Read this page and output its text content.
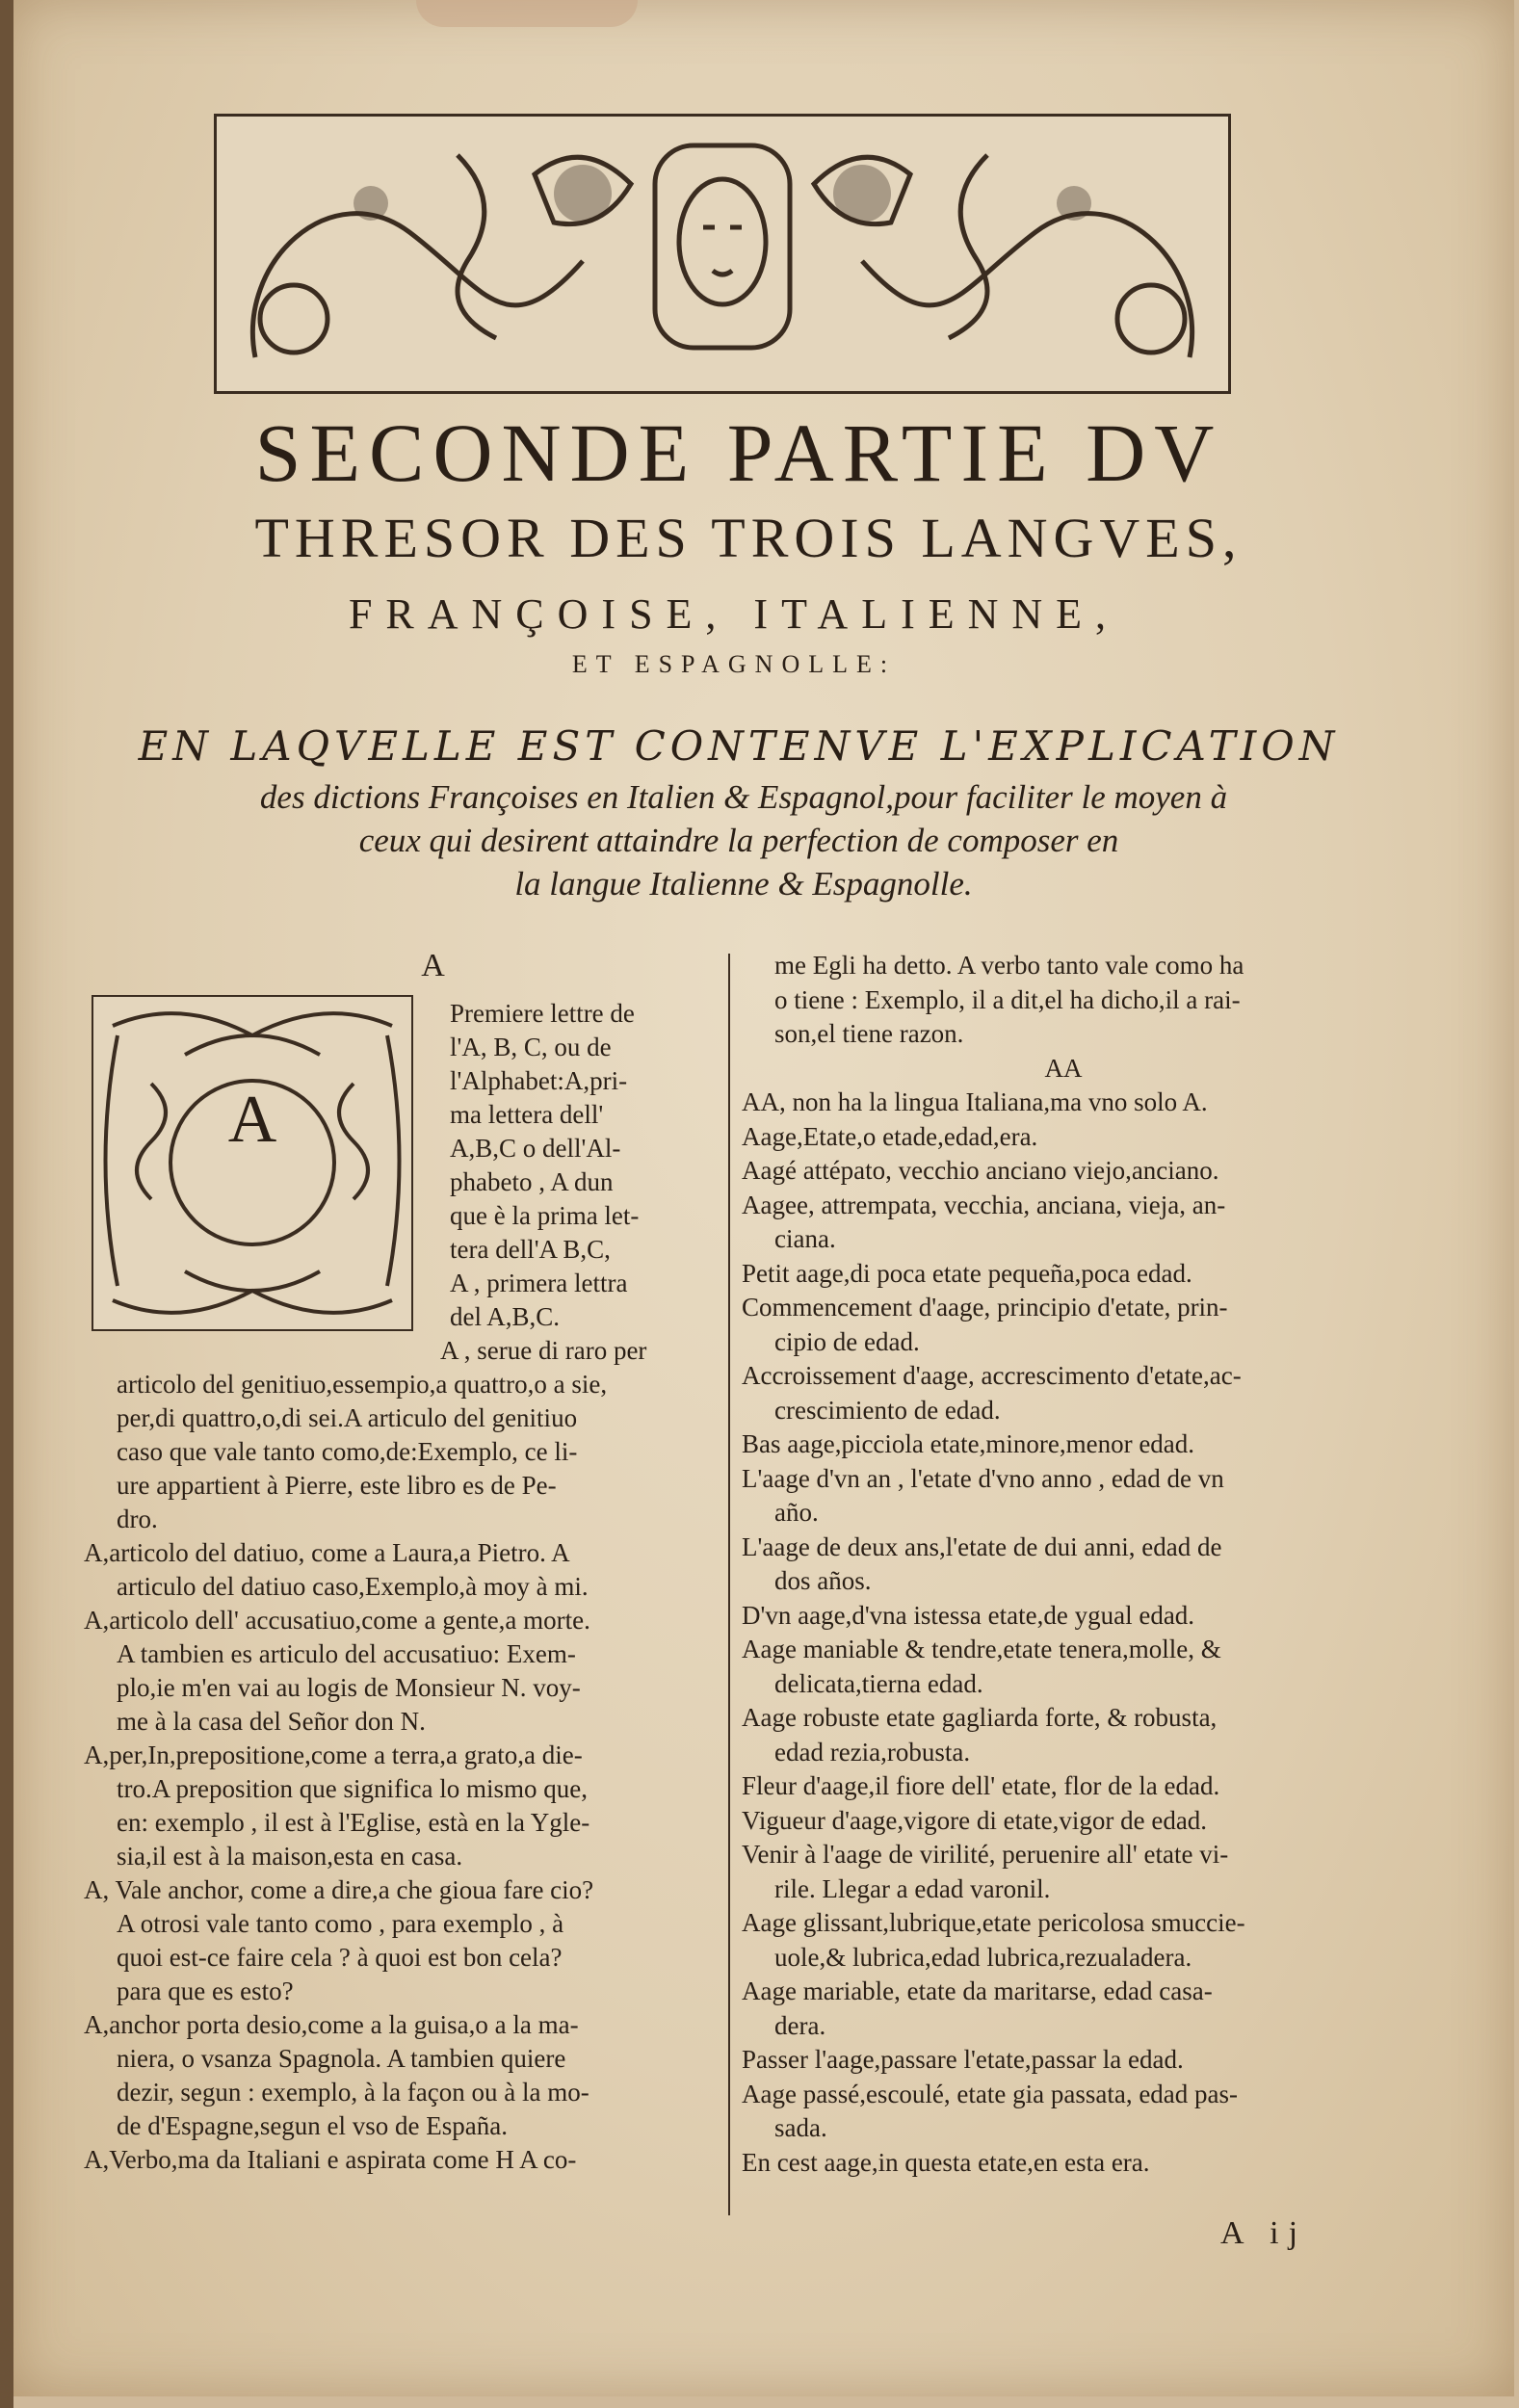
SECONDE PARTIE DV
THRESOR DES TROIS LANGVES,
FRANÇOISE, ITALIENNE,
ET ESPAGNOLLE:
EN LAQVELLE EST CONTENVE L'EXPLICATION
des dictions Françoises en Italien & Espagnol,pour faciliter le moyen à
ceux qui desirent attaindre la perfection de composer en
la langue Italienne & Espagnolle.
A
A
Premiere lettre de
l'A, B, C, ou de
l'Alphabet:A,pri-
ma lettera dell'
A,B,C o dell'Al-
phabeto , A dun
que è la prima let-
tera dell'A B,C,
A , primera lettra
del A,B,C.
A , serue di raro per
articolo del genitiuo,essempio,a quattro,o a sie,
per,di quattro,o,di sei.A articulo del genitiuo
caso que vale tanto como,de:Exemplo, ce li-
ure appartient à Pierre, este libro es de Pe-
dro.
A,articolo del datiuo, come a Laura,a Pietro. A
articulo del datiuo caso,Exemplo,à moy à mi.
A,articolo dell' accusatiuo,come a gente,a morte.
A tambien es articulo del accusatiuo: Exem-
plo,ie m'en vai au logis de Monsieur N. voy-
me à la casa del Señor don N.
A,per,In,prepositione,come a terra,a grato,a die-
tro.A preposition que significa lo mismo que,
en: exemplo , il est à l'Eglise, està en la Ygle-
sia,il est à la maison,esta en casa.
A, Vale anchor, come a dire,a che gioua fare cio?
A otrosi vale tanto como , para exemplo , à
quoi est-ce faire cela ? à quoi est bon cela?
para que es esto?
A,anchor porta desio,come a la guisa,o a la ma-
niera, o vsanza Spagnola. A tambien quiere
dezir, segun : exemplo, à la façon ou à la mo-
de d'Espagne,segun el vso de España.
A,Verbo,ma da Italiani e aspirata come H A co-
me Egli ha detto. A verbo tanto vale como ha
o tiene : Exemplo, il a dit,el ha dicho,il a rai-
son,el tiene razon.
AA
AA, non ha la lingua Italiana,ma vno solo A.
Aage,Etate,o etade,edad,era.
Aagé attépato, vecchio anciano viejo,anciano.
Aagee, attrempata, vecchia, anciana, vieja, an-
ciana.
Petit aage,di poca etate pequeña,poca edad.
Commencement d'aage, principio d'etate, prin-
cipio de edad.
Accroissement d'aage, accrescimento d'etate,ac-
crescimiento de edad.
Bas aage,picciola etate,minore,menor edad.
L'aage d'vn an , l'etate d'vno anno , edad de vn
año.
L'aage de deux ans,l'etate de dui anni, edad de
dos años.
D'vn aage,d'vna istessa etate,de ygual edad.
Aage maniable & tendre,etate tenera,molle, &
delicata,tierna edad.
Aage robuste etate gagliarda forte, & robusta,
edad rezia,robusta.
Fleur d'aage,il fiore dell' etate, flor de la edad.
Vigueur d'aage,vigore di etate,vigor de edad.
Venir à l'aage de virilité, peruenire all' etate vi-
rile. Llegar a edad varonil.
Aage glissant,lubrique,etate pericolosa smuccie-
uole,& lubrica,edad lubrica,rezualadera.
Aage mariable, etate da maritarse, edad casa-
dera.
Passer l'aage,passare l'etate,passar la edad.
Aage passé,escoulé, etate gia passata, edad pas-
sada.
En cest aage,in questa etate,en esta era.
A ij
